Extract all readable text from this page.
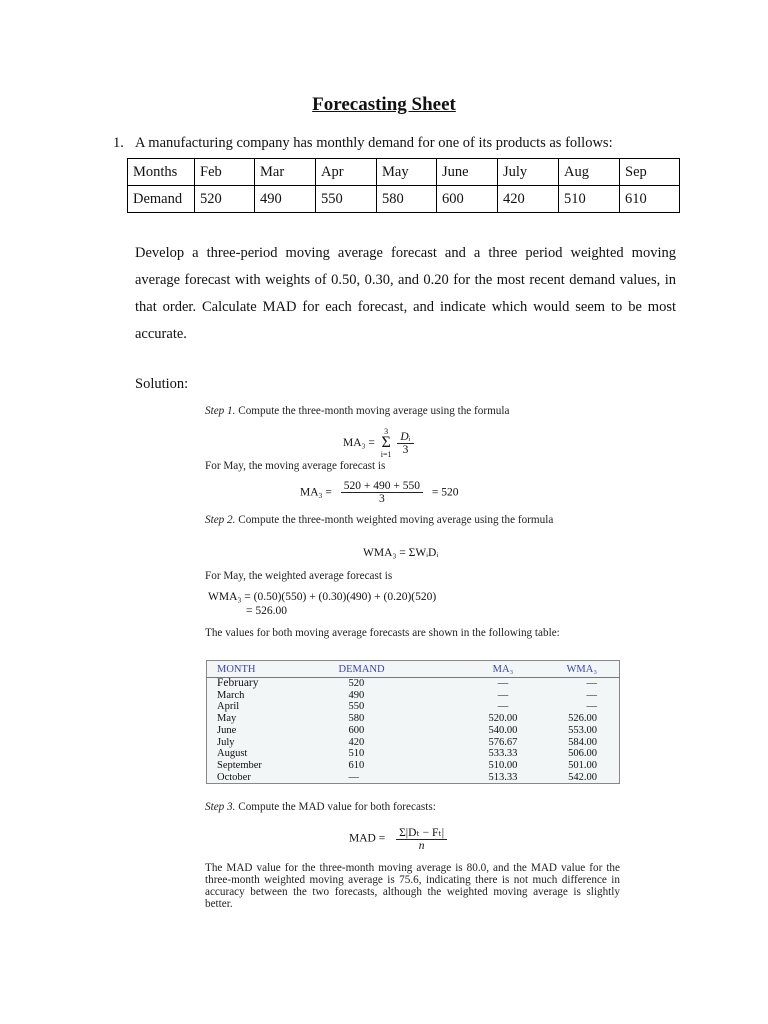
Forecasting Sheet
1. A manufacturing company has monthly demand for one of its products as follows:
Months	Feb	Mar	Apr	May	June	July	Aug	Sep
Demand	520	490	550	580	600	420	510	610
Develop a three-period moving average forecast and a three period weighted moving average forecast with weights of 0.50, 0.30, and 0.20 for the most recent demand values, in that order. Calculate MAD for each forecast, and indicate which would seem to be most accurate.
Solution:
Step 1. Compute the three-month moving average using the formula
MA₃ =
3
Σ
i=1
$\frac{\text{Dᵢ}}{3}$
For May, the moving average forecast is
$MA_3 = \frac{520 + 490 + 550}{3} = 520$
Step 2. Compute the three-month weighted moving average using the formula
WMA₃ = ΣWᵢDᵢ
For May, the weighted average forecast is
WMA₃ = (0.50)(550) + (0.30)(490) + (0.20)(520)
= 526.00
The values for both moving average forecasts are shown in the following table:
MONTH	DEMAND	MA₃	WMA₃
February	520	—	—
March	490	—	—
April	550	—	—
May	580	520.00	526.00
June	600	540.00	553.00
July	420	576.67	584.00
August	510	533.33	506.00
September	610	510.00	501.00
October	—	513.33	542.00
Step 3. Compute the MAD value for both forecasts:
MAD = $\frac{\text{Σ|Dₜ − Fₜ|}}{n}$
The MAD value for the three-month moving average is 80.0, and the MAD value for the three-month weighted moving average is 75.6, indicating there is not much difference in accuracy between the two forecasts, although the weighted moving average is slightly better.
